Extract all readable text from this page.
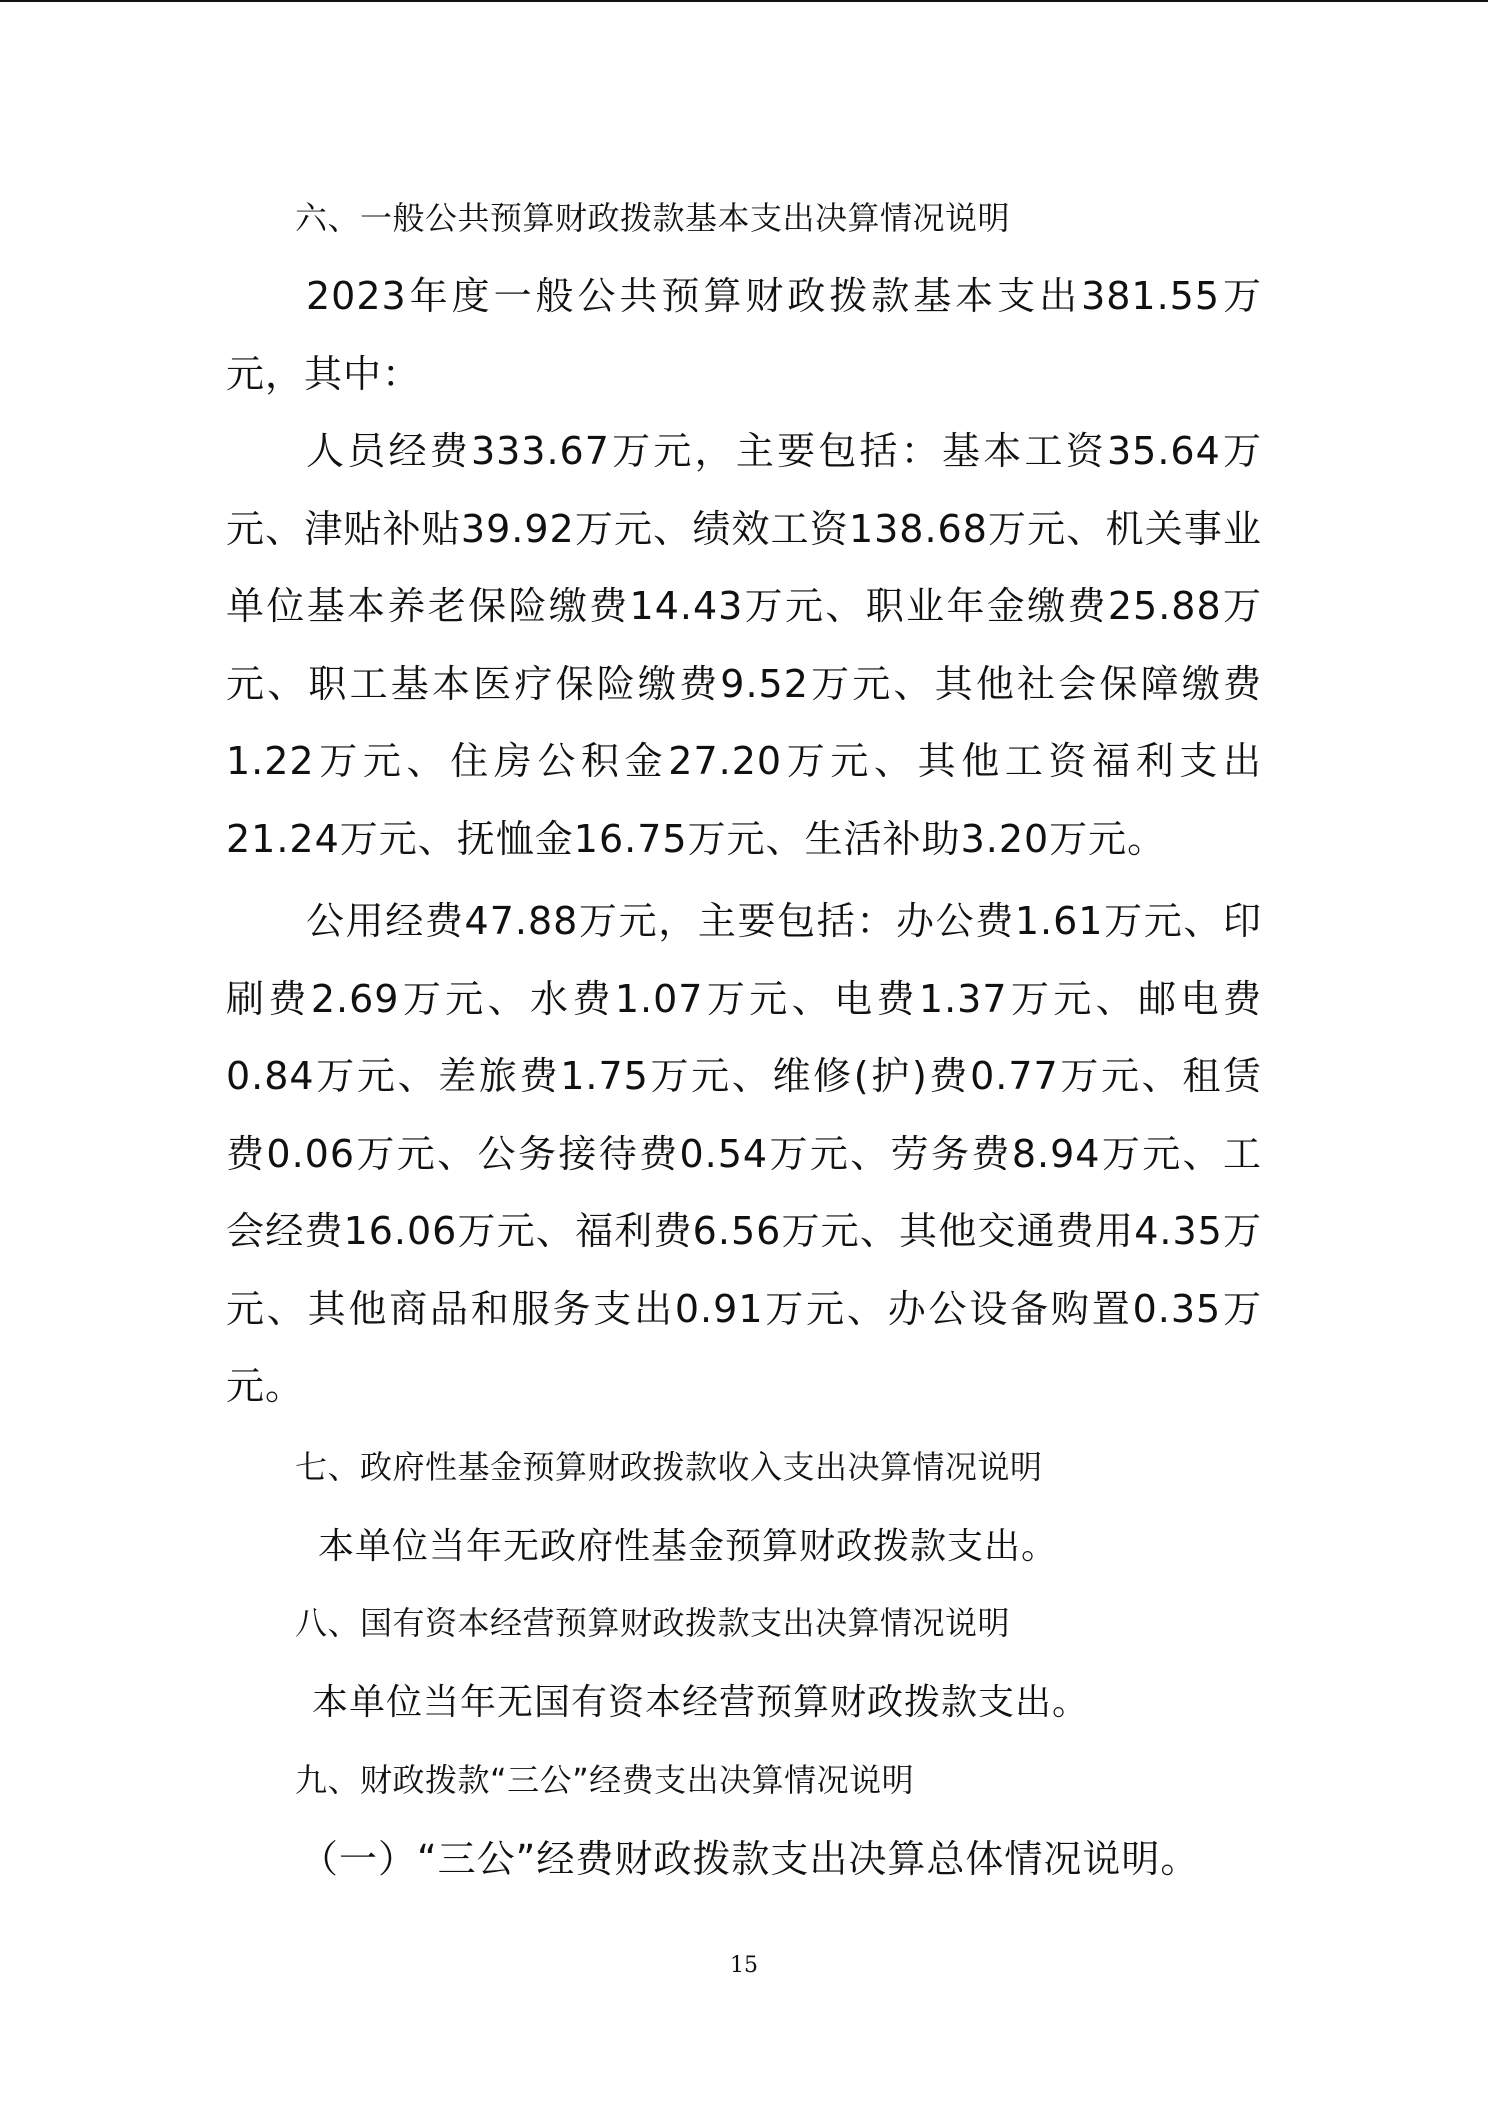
六、一般公共预算财政拨款基本支出决算情况说明
2023年度一般公共预算财政拨款基本支出381.55万元，其中：
人员经费333.67万元，主要包括：基本工资35.64万元、津贴补贴39.92万元、绩效工资138.68万元、机关事业单位基本养老保险缴费14.43万元、职业年金缴费25.88万元、职工基本医疗保险缴费9.52万元、其他社会保障缴费1.22万元、住房公积金27.20万元、其他工资福利支出21.24万元、抚恤金16.75万元、生活补助3.20万元。
公用经费47.88万元，主要包括：办公费1.61万元、印刷费2.69万元、水费1.07万元、电费1.37万元、邮电费0.84万元、差旅费1.75万元、维修(护)费0.77万元、租赁费0.06万元、公务接待费0.54万元、劳务费8.94万元、工会经费16.06万元、福利费6.56万元、其他交通费用4.35万元、其他商品和服务支出0.91万元、办公设备购置0.35万元。
七、政府性基金预算财政拨款收入支出决算情况说明
本单位当年无政府性基金预算财政拨款支出。
八、国有资本经营预算财政拨款支出决算情况说明
本单位当年无国有资本经营预算财政拨款支出。
九、财政拨款“三公”经费支出决算情况说明
（一）“三公”经费财政拨款支出决算总体情况说明。
15
